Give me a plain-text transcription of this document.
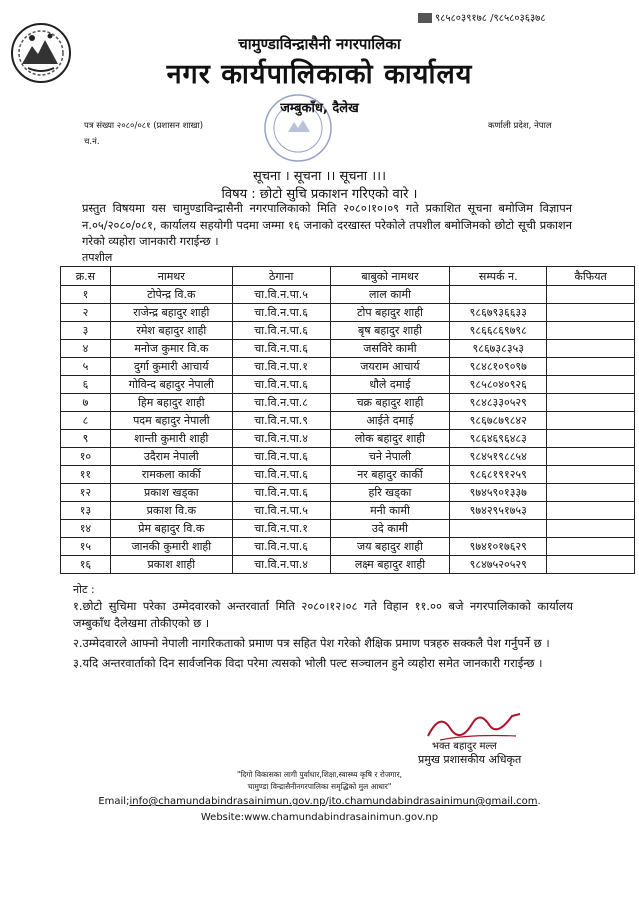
९८५८०३९१७८ /९८५८०३६३७८
चामुण्डाविन्द्रासैनी नगरपालिका
नगर कार्यपालिकाको कार्यालय
जम्बुकाँध, दैलेख
पत्र संख्या २०८०/०८१ (प्रशासन शाखा)
च.नं.
कर्णाली प्रदेश, नेपाल
सूचना । सूचना ।। सूचना ।।।
विषय : छोटो सुचि प्रकाशन गरिएको वारे ।
प्रस्तुत विषयमा यस चामुण्डाविन्द्रासैनी नगरपालिकाको मिति २०८०।१०।०९ गते प्रकाशित सूचना बमोजिम विज्ञापन न.०५/२०८०/०८१, कार्यालय सहयोगी पदमा जम्मा १६ जनाको दरखास्त परेकोले तपशील बमोजिमको छोटो सूची प्रकाशन गरेको व्यहोरा जानकारी गराईन्छ ।
तपशील
क्र.स	नामथर	ठेगाना	बाबुको नामथर	सम्पर्क न.	कैफियत
१	टोपेन्द्र वि.क	चा.वि.न.पा.५	लाल कामी		
२	राजेन्द्र बहादुर शाही	चा.वि.न.पा.६	टोप बहादुर शाही	९८६७९३६६३३	
३	रमेश बहादुर शाही	चा.वि.न.पा.६	बृष बहादुर शाही	९८६६८६९७९८	
४	मनोज कुमार वि.क	चा.वि.न.पा.६	जसविरे कामी	९८६७३८३५३	
५	दुर्गा कुमारी आचार्य	चा.वि.न.पा.१	जयराम आचार्य	९८४८१०९०९७	
६	गोविन्द बहादुर नेपाली	चा.वि.न.पा.६	धौले दमाई	९८५८०४०९२६	
७	हिम बहादुर शाही	चा.वि.न.पा.८	चक्र बहादुर शाही	९८४८३३०५२९	
८	पदम बहादुर नेपाली	चा.वि.न.पा.९	आईते दमाई	९८६७८७९८४२	
९	शान्ती कुमारी शाही	चा.वि.न.पा.४	लोक बहादुर शाही	९८६४६९६४८३	
१०	उदैराम नेपाली	चा.वि.न.पा.६	चने नेपाली	९८४५१९८८५४	
११	रामकला कार्की	चा.वि.न.पा.६	नर बहादुर कार्की	९८६८१९१२५९	
१२	प्रकाश खड्का	चा.वि.न.पा.६	हरि खड्का	९७४५९०१३३७	
१३	प्रकाश वि.क	चा.वि.न.पा.५	मनी कामी	९७४२९५१७५३	
१४	प्रेम बहादुर वि.क	चा.वि.न.पा.१	उदे कामी		
१५	जानकी कुमारी शाही	चा.वि.न.पा.६	जय बहादुर शाही	९७४१०१७६२९	
१६	प्रकाश शाही	चा.वि.न.पा.४	लक्ष्म बहादुर शाही	९८४७५२०५२९	
नोट :

१.छोटो सुचिमा परेका उम्मेदवारको अन्तरवार्ता मिति २०८०।१२।०८ गते विहान ११.०० बजे नगरपालिकाको कार्यालय जम्बुकाँध दैलेखमा तोकीएको छ ।

२.उम्मेदवारले आफ्नो नेपाली नागरिकताको प्रमाण पत्र सहित पेश गरेको शैक्षिक प्रमाण पत्रहरु सक्कलै पेश गर्नुपर्ने छ ।

३.यदि अन्तरवार्ताको दिन सार्वजनिक विदा परेमा त्यसको भोली पल्ट सञ्चालन हुने व्यहोरा समेत जानकारी गराईन्छ ।

भक्त बहादुर मल्ल
प्रमुख प्रशासकीय अधिकृत
"दिगो विकासका लागी पुर्वाधार,शिक्षा,स्वास्थ्य कृषि र रोजगार,
चामुण्डा विन्द्रासैनीनगरपालिका समृद्धिको मुल आधार"
Email;info@chamundabindrasainimun.gov.np/ito.chamundabindrasainimun@gmail.com.
Website:www.chamundabindrasainimun.gov.np
